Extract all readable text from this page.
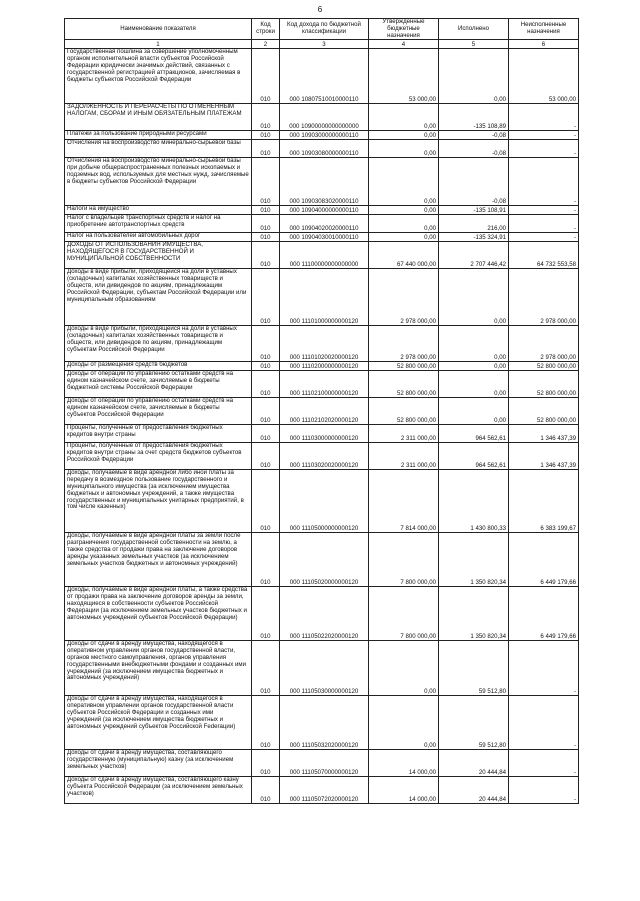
6
Наименование показателя	Код строки	Код дохода по бюджетной классификации	Утвержденные бюджетные назначения	Исполнено	Неисполненные назначения
1	2	3	4	5	6
Государственная пошлина за совершение уполномоченным органом исполнительной власти субъектов Российской Федерации юридически значимых действий, связанных с государственной регистрацией аттракционов, зачисляемая в бюджеты субъектов Российской Федерации	010	000 10807510010000110	53 000,00	0,00	53 000,00
ЗАДОЛЖЕННОСТЬ И ПЕРЕРАСЧЕТЫ ПО ОТМЕНЕННЫМ НАЛОГАМ, СБОРАМ И ИНЫМ ОБЯЗАТЕЛЬНЫМ ПЛАТЕЖАМ	010	000 10900000000000000	0,00	-135 108,89	-
Платежи за пользование природными ресурсами	010	000 10903000000000110	0,00	-0,08	-
Отчисления на воспроизводство минерально-сырьевой базы	010	000 10903080000000110	0,00	-0,08	-
Отчисления на воспроизводство минерально-сырьевой базы при добыче общераспространенных полезных ископаемых и подземных вод, используемых для местных нужд, зачисляемые в бюджеты субъектов Российской Федерации	010	000 10903083020000110	0,00	-0,08	-
Налоги на имущество	010	000 10904000000000110	0,00	-135 108,91	-
Налог с владельцев транспортных средств и налог на приобретение автотранспортных средств	010	000 10904020020000110	0,00	216,00	-
Налог на пользователей автомобильных дорог	010	000 10904030010000110	0,00	-135 324,91	-
ДОХОДЫ ОТ ИСПОЛЬЗОВАНИЯ ИМУЩЕСТВА, НАХОДЯЩЕГОСЯ В ГОСУДАРСТВЕННОЙ И МУНИЦИПАЛЬНОЙ СОБСТВЕННОСТИ	010	000 11100000000000000	67 440 000,00	2 707 446,42	64 732 553,58
Доходы в виде прибыли, приходящейся на доли в уставных (складочных) капиталах хозяйственных товариществ и обществ, или дивидендов по акциям, принадлежащим Российской Федерации, субъектам Российской Федерации или муниципальным образованиям	010	000 11101000000000120	2 978 000,00	0,00	2 978 000,00
Доходы в виде прибыли, приходящейся на доли в уставных (складочных) капиталах хозяйственных товариществ и обществ, или дивидендов по акциям, принадлежащим субъектам Российской Федерации	010	000 11101020020000120	2 978 000,00	0,00	2 978 000,00
Доходы от размещения средств бюджетов	010	000 11102000000000120	52 800 000,00	0,00	52 800 000,00
Доходы от операций по управлению остатками средств на едином казначейском счете, зачисляемые в бюджеты бюджетной системы Российской Федерации	010	000 11102100000000120	52 800 000,00	0,00	52 800 000,00
Доходы от операций по управлению остатками средств на едином казначейском счете, зачисляемые в бюджеты субъектов Российской Федерации	010	000 11102102020000120	52 800 000,00	0,00	52 800 000,00
Проценты, полученные от предоставления бюджетных кредитов внутри страны	010	000 11103000000000120	2 311 000,00	964 562,61	1 346 437,39
Проценты, полученные от предоставления бюджетных кредитов внутри страны за счет средств бюджетов субъектов Российской Федерации	010	000 11103020020000120	2 311 000,00	964 562,61	1 346 437,39
Доходы, получаемые в виде арендной либо иной платы за передачу в возмездное пользование государственного и муниципального имущества (за исключением имущества бюджетных и автономных учреждений, а также имущества государственных и муниципальных унитарных предприятий, в том числе казенных)	010	000 11105000000000120	7 814 000,00	1 430 800,33	6 383 199,67
Доходы, получаемые в виде арендной платы за земли после разграничения государственной собственности на землю, а также средства от продажи права на заключение договоров аренды указанных земельных участков (за исключением земельных участков бюджетных и автономных учреждений)	010	000 11105020000000120	7 800 000,00	1 350 820,34	6 449 179,66
Доходы, получаемые в виде арендной платы, а также средства от продажи права на заключение договоров аренды за земли, находящиеся в собственности субъектов Российской Федерации (за исключением земельных участков бюджетных и автономных учреждений субъектов Российской Федерации)	010	000 11105022020000120	7 800 000,00	1 350 820,34	6 449 179,66
Доходы от сдачи в аренду имущества, находящегося в оперативном управлении органов государственной власти, органов местного самоуправления, органов управления государственными внебюджетными фондами и созданных ими учреждений (за исключением имущества бюджетных и автономных учреждений)	010	000 11105030000000120	0,00	59 512,80	-
Доходы от сдачи в аренду имущества, находящегося в оперативном управлении органов государственной власти субъектов Российской Федерации и созданных ими учреждений (за исключением имущества бюджетных и автономных учреждений субъектов Российской Federации)	010	000 11105032020000120	0,00	59 512,80	-
Доходы от сдачи в аренду имущества, составляющего государственную (муниципальную) казну (за исключением земельных участков)	010	000 11105070000000120	14 000,00	20 444,84	-
Доходы от сдачи в аренду имущества, составляющего казну субъекта Российской Федерации (за исключением земельных участков)	010	000 11105072020000120	14 000,00	20 444,84	-
